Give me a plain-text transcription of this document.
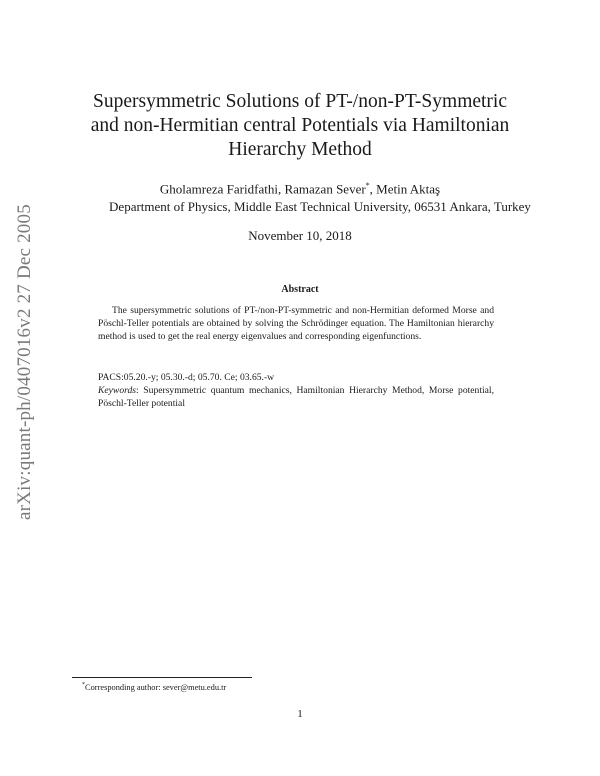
arXiv:quant-ph/0407016v2 27 Dec 2005
Supersymmetric Solutions of PT-/non-PT-Symmetric
and non-Hermitian central Potentials via Hamiltonian
Hierarchy Method
Gholamreza Faridfathi, Ramazan Sever*, Metin Aktaş
Department of Physics, Middle East Technical University, 06531 Ankara, Turkey
November 10, 2018
Abstract
The supersymmetric solutions of PT-/non-PT-symmetric and non-Hermitian deformed Morse and Pöschl-Teller potentials are obtained by solving the Schrödinger equation. The Hamiltonian hierarchy method is used to get the real energy eigenvalues and corresponding eigenfunctions.
PACS:05.20.-y; 05.30.-d; 05.70. Ce; 03.65.-w
Keywords: Supersymmetric quantum mechanics, Hamiltonian Hierarchy Method, Morse potential, Pöschl-Teller potential
*Corresponding author: sever@metu.edu.tr
1
